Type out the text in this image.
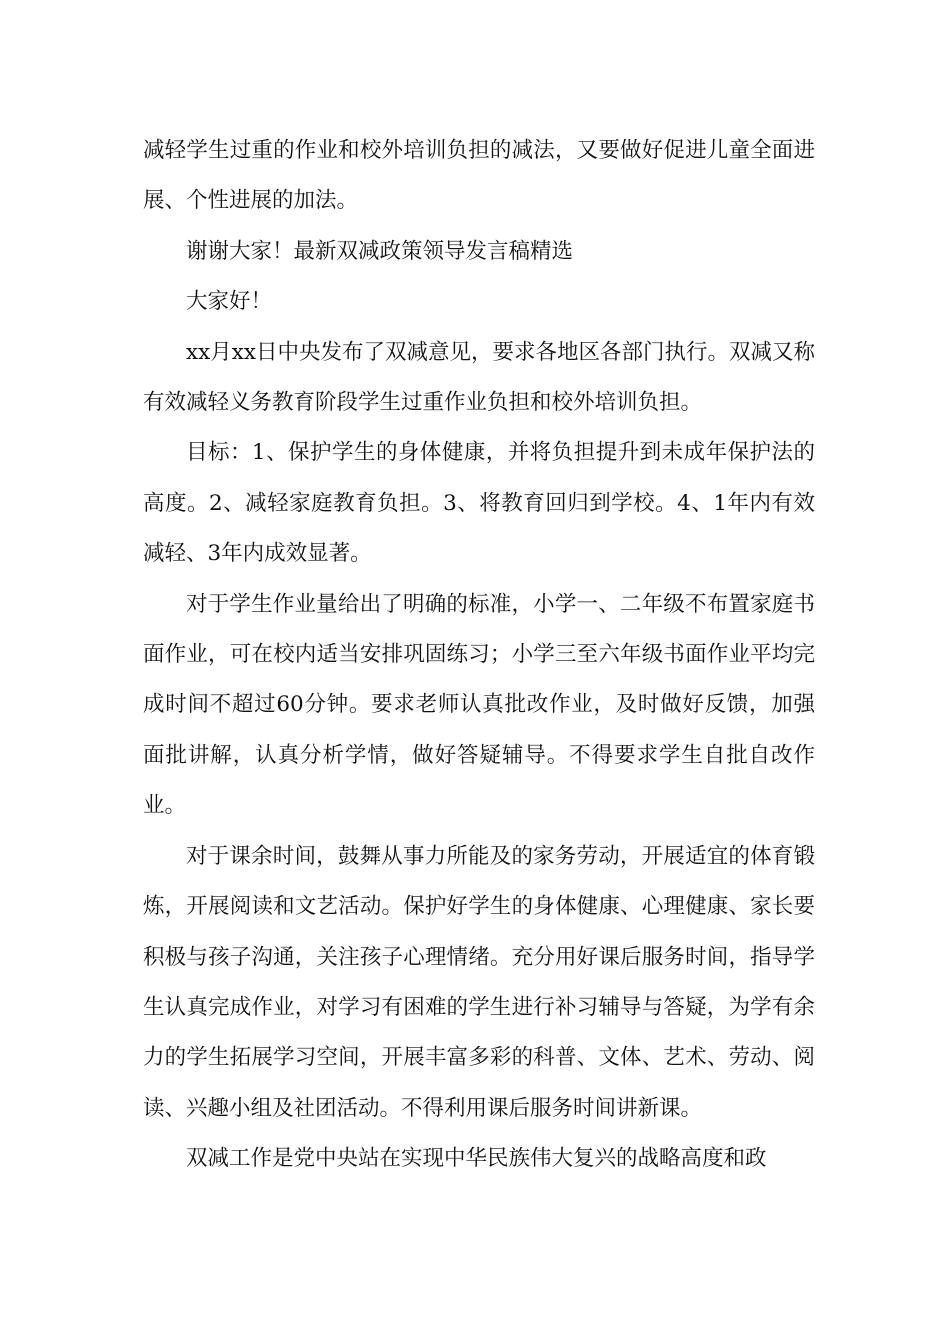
减轻学生过重的作业和校外培训负担的减法，又要做好促进儿童全面进展、个性进展的加法。

谢谢大家！最新双减政策领导发言稿精选

大家好！

xx月xx日中央发布了双减意见，要求各地区各部门执行。双减又称有效减轻义务教育阶段学生过重作业负担和校外培训负担。

目标：1、保护学生的身体健康，并将负担提升到未成年保护法的高度。2、减轻家庭教育负担。3、将教育回归到学校。4、1年内有效减轻、3年内成效显著。

对于学生作业量给出了明确的标准，小学一、二年级不布置家庭书面作业，可在校内适当安排巩固练习；小学三至六年级书面作业平均完成时间不超过60分钟。要求老师认真批改作业，及时做好反馈，加强面批讲解，认真分析学情，做好答疑辅导。不得要求学生自批自改作业。

对于课余时间，鼓舞从事力所能及的家务劳动，开展适宜的体育锻炼，开展阅读和文艺活动。保护好学生的身体健康、心理健康、家长要积极与孩子沟通，关注孩子心理情绪。充分用好课后服务时间，指导学生认真完成作业，对学习有困难的学生进行补习辅导与答疑，为学有余力的学生拓展学习空间，开展丰富多彩的科普、文体、艺术、劳动、阅读、兴趣小组及社团活动。不得利用课后服务时间讲新课。

双减工作是党中央站在实现中华民族伟大复兴的战略高度和政
